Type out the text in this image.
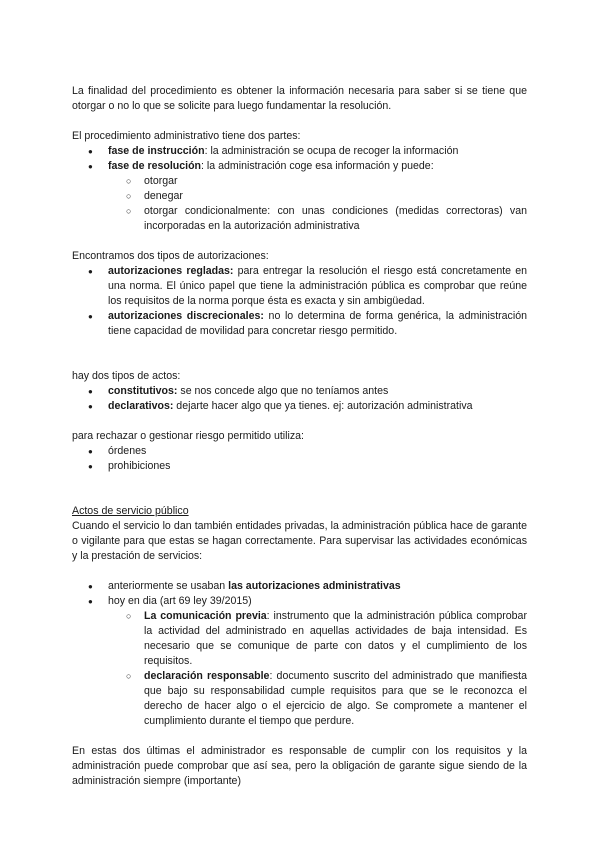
La finalidad del procedimiento es obtener la información necesaria para saber si se tiene que otorgar o no lo que se solicite para luego fundamentar la resolución.

El procedimiento administrativo tiene dos partes:

● fase de instrucción: la administración se ocupa de recoger la información
● fase de resolución: la administración coge esa información y puede:
○ otorgar
○ denegar
○ otorgar condicionalmente: con unas condiciones (medidas correctoras) van incorporadas en la autorización administrativa

Encontramos dos tipos de autorizaciones:

● autorizaciones regladas: para entregar la resolución el riesgo está concretamente en una norma. El único papel que tiene la administración pública es comprobar que reúne los requisitos de la norma porque ésta es exacta y sin ambigüedad.
● autorizaciones discrecionales: no lo determina de forma genérica, la administración tiene capacidad de movilidad para concretar riesgo permitido.

hay dos tipos de actos:

● constitutivos: se nos concede algo que no teníamos antes
● declarativos: dejarte hacer algo que ya tienes. ej: autorización administrativa

para rechazar o gestionar riesgo permitido utiliza:

● órdenes
● prohibiciones

Actos de servicio público

Cuando el servicio lo dan también entidades privadas, la administración pública hace de garante o vigilante para que estas se hagan correctamente. Para supervisar las actividades económicas y la prestación de servicios:

● anteriormente se usaban las autorizaciones administrativas
● hoy en dia (art 69 ley 39/2015)
○ La comunicación previa: instrumento que la administración pública comprobar la actividad del administrado en aquellas actividades de baja intensidad. Es necesario que se comunique de parte con datos y el cumplimiento de los requisitos.
○ declaración responsable: documento suscrito del administrado que manifiesta que bajo su responsabilidad cumple requisitos para que se le reconozca el derecho de hacer algo o el ejercicio de algo. Se compromete a mantener el cumplimiento durante el tiempo que perdure.

En estas dos últimas el administrador es responsable de cumplir con los requisitos y la administración puede comprobar que así sea, pero la obligación de garante sigue siendo de la administración siempre (importante)
